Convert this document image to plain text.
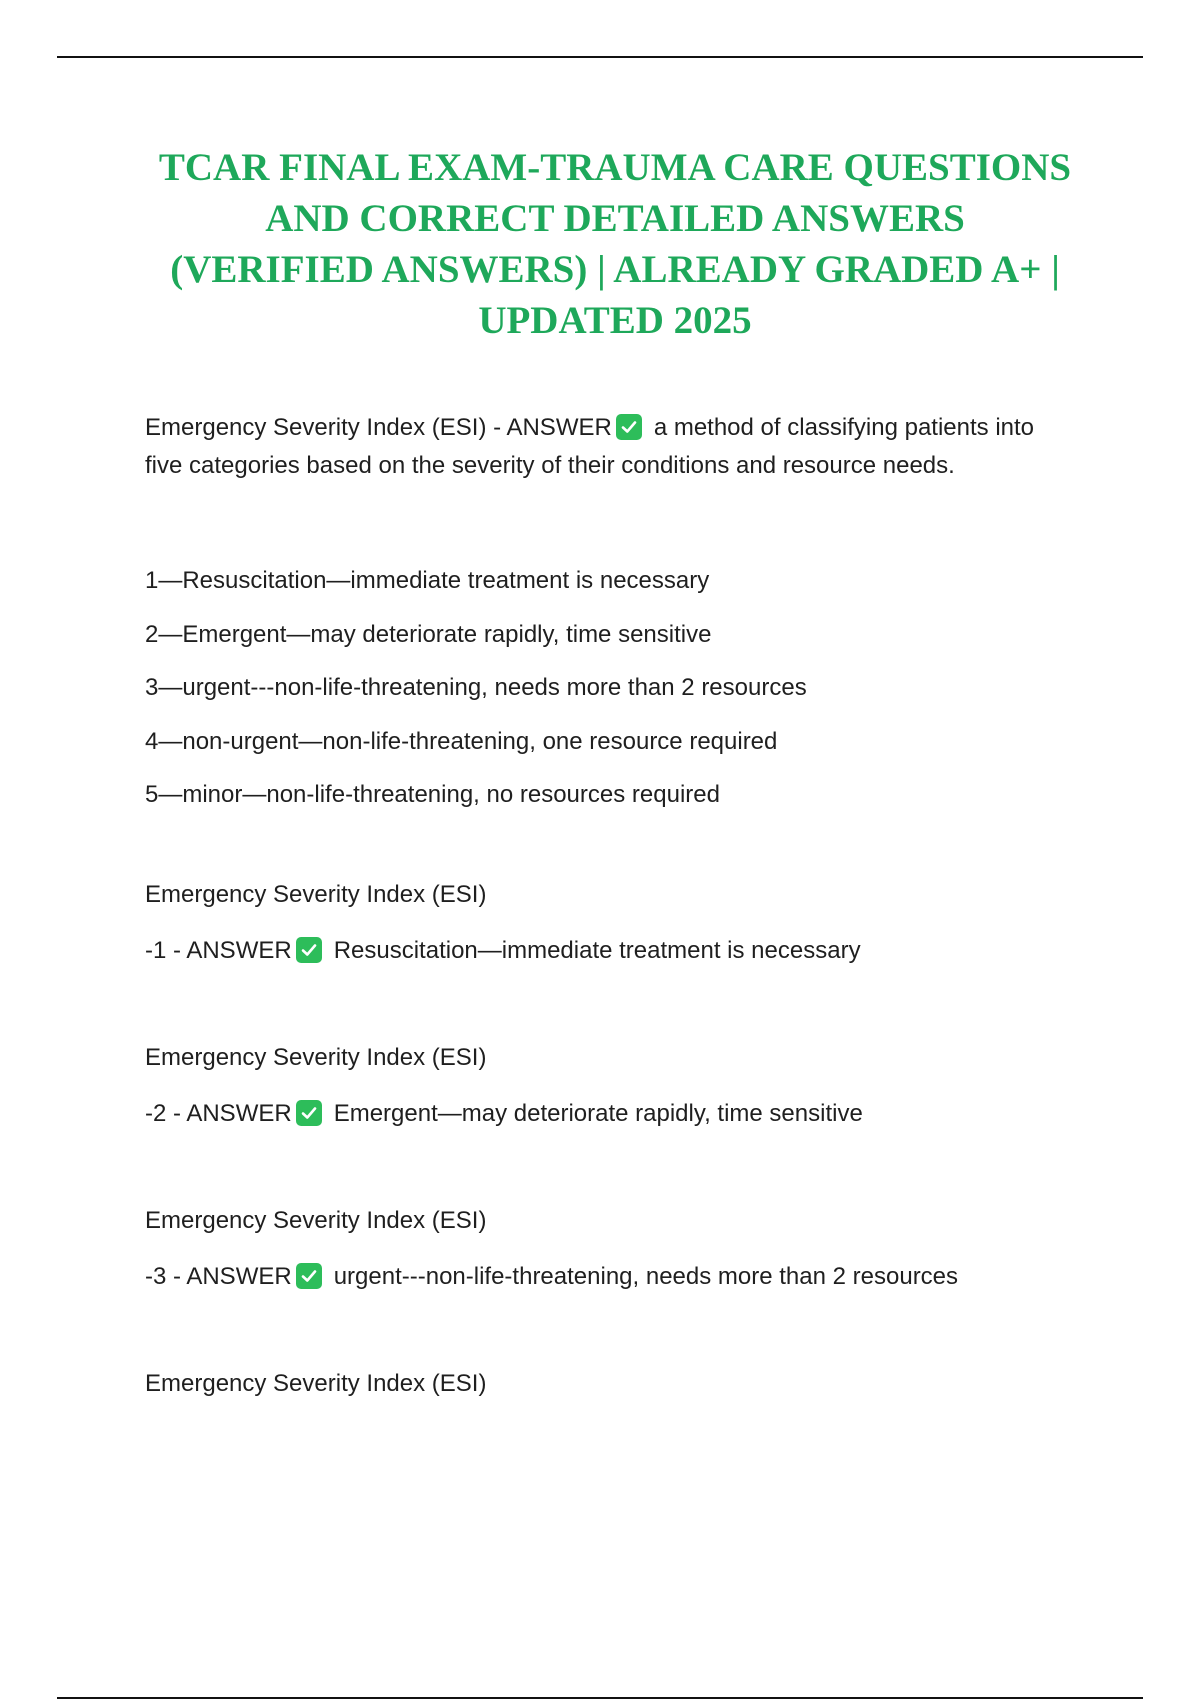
TCAR FINAL EXAM-TRAUMA CARE QUESTIONS
AND CORRECT DETAILED ANSWERS
(VERIFIED ANSWERS) | ALREADY GRADED A+ |
UPDATED 2025
Emergency Severity Index (ESI) - ANSWER a method of classifying patients into
five categories based on the severity of their conditions and resource needs.
1—Resuscitation—immediate treatment is necessary
2—Emergent—may deteriorate rapidly, time sensitive
3—urgent---non-life-threatening, needs more than 2 resources
4—non-urgent—non-life-threatening, one resource required
5—minor—non-life-threatening, no resources required
Emergency Severity Index (ESI)
-1 - ANSWER Resuscitation—immediate treatment is necessary
Emergency Severity Index (ESI)
-2 - ANSWER Emergent—may deteriorate rapidly, time sensitive
Emergency Severity Index (ESI)
-3 - ANSWER urgent---non-life-threatening, needs more than 2 resources
Emergency Severity Index (ESI)
